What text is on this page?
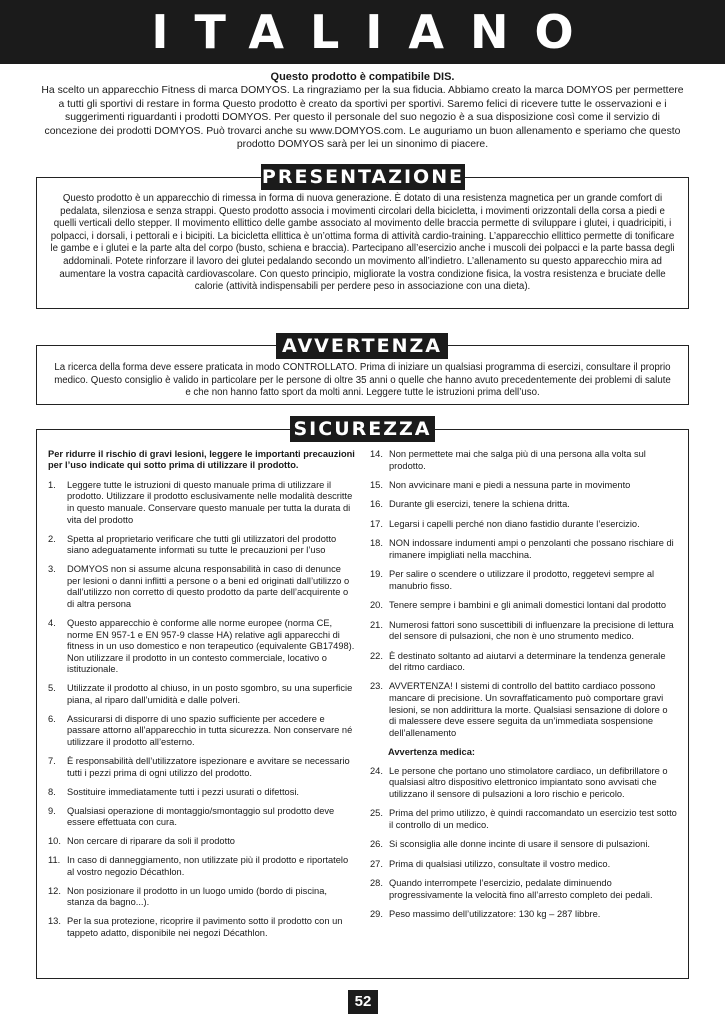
ITALIANO
Questo prodotto è compatibile DIS.
Ha scelto un apparecchio Fitness di marca DOMYOS. La ringraziamo per la sua fiducia. Abbiamo creato la marca DOMYOS per permettere a tutti gli sportivi di restare in forma Questo prodotto è creato da sportivi per sportivi. Saremo felici di ricevere tutte le osservazioni e i suggerimenti riguardanti i prodotti DOMYOS. Per questo il personale del suo negozio è a sua disposizione così come il servizio di concezione dei prodotti DOMYOS. Può trovarci anche su www.DOMYOS.com. Le auguriamo un buon allenamento e speriamo che questo prodotto DOMYOS sarà per lei un sinonimo di piacere.
PRESENTAZIONE
Questo prodotto è un apparecchio di rimessa in forma di nuova generazione. È dotato di una resistenza magnetica per un grande comfort di pedalata, silenziosa e senza strappi. Questo prodotto associa i movimenti circolari della bicicletta, i movimenti orizzontali della corsa a piedi e quelli verticali dello stepper. Il movimento ellittico delle gambe associato al movimento delle braccia permette di sviluppare i glutei, i quadricipiti, i polpacci, i dorsali, i pettorali e i bicipiti. La bicicletta ellittica è un’ottima forma di attività cardio-training. L’apparecchio ellittico permette di tonificare le gambe e i glutei e la parte alta del corpo (busto, schiena e braccia). Partecipano all’esercizio anche i muscoli dei polpacci e la parte bassa degli addominali. Potete rinforzare il lavoro dei glutei pedalando secondo un movimento all’indietro. L’allenamento su questo apparecchio mira ad aumentare la vostra capacità cardiovascolare. Con questo principio, migliorate la vostra condizione fisica, la vostra resistenza e bruciate delle calorie (attività indispensabili per perdere peso in associazione con una dieta).
AVVERTENZA
La ricerca della forma deve essere praticata in modo CONTROLLATO. Prima di iniziare un qualsiasi programma di esercizi, consultare il proprio medico. Questo consiglio è valido in particolare per le persone di oltre 35 anni o quelle che hanno avuto precedentemente dei problemi di salute e che non hanno fatto sport da molti anni. Leggere tutte le istruzioni prima dell’uso.
SICUREZZA
Per ridurre il rischio di gravi lesioni, leggere le importanti precauzioni per l’uso indicate qui sotto prima di utilizzare il prodotto.
1.	Leggere tutte le istruzioni di questo manuale prima di utilizzare il prodotto. Utilizzare il prodotto esclusivamente nelle modalità descritte in questo manuale. Conservare questo manuale per tutta la durata di vita del prodotto
2.	Spetta al proprietario verificare che tutti gli utilizzatori del prodotto siano adeguatamente informati su tutte le precauzioni per l’uso
3.	DOMYOS non si assume alcuna responsabilità in caso di denunce per lesioni o danni inflitti a persone o a beni ed originati dall’utilizzo o dall’utilizzo non corretto di questo prodotto da parte dell’acquirente o di altra persona
4.	Questo apparecchio è conforme alle norme europee (norma CE, norme EN 957-1 e EN 957-9 classe HA) relative agli apparecchi di fitness in un uso domestico e non terapeutico (equivalente GB17498). Non utilizzare il prodotto in un contesto commerciale, locativo o istituzionale.
5.	Utilizzate il prodotto al chiuso, in un posto sgombro, su una superficie piana, al riparo dall’umidità e dalle polveri.
6.	Assicurarsi di disporre di uno spazio sufficiente per accedere e passare attorno all’apparecchio in tutta sicurezza. Non conservare né utilizzare il prodotto all’esterno.
7.	È responsabilità dell’utilizzatore ispezionare e avvitare se necessario tutti i pezzi prima di ogni utilizzo del prodotto.
8.	Sostituire immediatamente tutti i pezzi usurati o difettosi.
9.	Qualsiasi operazione di montaggio/smontaggio sul prodotto deve essere effettuata con cura.
10. Non cercare di riparare da soli il prodotto
11. In caso di danneggiamento, non utilizzate più il prodotto e riportatelo al vostro negozio Décathlon.
12. Non posizionare il prodotto in un luogo umido (bordo di piscina, stanza da bagno...).
13. Per la sua protezione, ricoprire il pavimento sotto il prodotto con un tappeto adatto, disponibile nei negozi Décathlon.
14. Non permettete mai che salga più di una persona alla volta sul prodotto.
15. Non avvicinare mani e piedi a nessuna parte in movimento
16. Durante gli esercizi, tenere la schiena dritta.
17. Legarsi i capelli perché non diano fastidio durante l’esercizio.
18. NON indossare indumenti ampi o penzolanti che possano rischiare di rimanere impigliati nella macchina.
19. Per salire o scendere o utilizzare il prodotto, reggetevi sempre al manubrio fisso.
20. Tenere sempre i bambini e gli animali domestici lontani dal prodotto
21. Numerosi fattori sono suscettibili di influenzare la precisione di lettura del sensore di pulsazioni, che non è uno strumento medico.
22. È destinato soltanto ad aiutarvi a determinare la tendenza generale del ritmo cardiaco.
23. AVVERTENZA! I sistemi di controllo del battito cardiaco possono mancare di precisione. Un sovraffaticamento può comportare gravi lesioni, se non addirittura la morte. Qualsiasi sensazione di dolore o di malessere deve essere seguita da un’immediata sospensione dell’allenamento
Avvertenza medica:
24. Le persone che portano uno stimolatore cardiaco, un defibrillatore o qualsiasi altro dispositivo elettronico impiantato sono avvisati che utilizzano il sensore di pulsazioni a loro rischio e pericolo.
25. Prima del primo utilizzo, è quindi raccomandato un esercizio test sotto il controllo di un medico.
26. Si sconsiglia alle donne incinte di usare il sensore di pulsazioni.
27. Prima di qualsiasi utilizzo, consultate il vostro medico.
28. Quando interrompete l’esercizio, pedalate diminuendo progressivamente la velocità fino all’arresto completo dei pedali.
29. Peso massimo dell’utilizzatore: 130 kg – 287 libbre.
52
